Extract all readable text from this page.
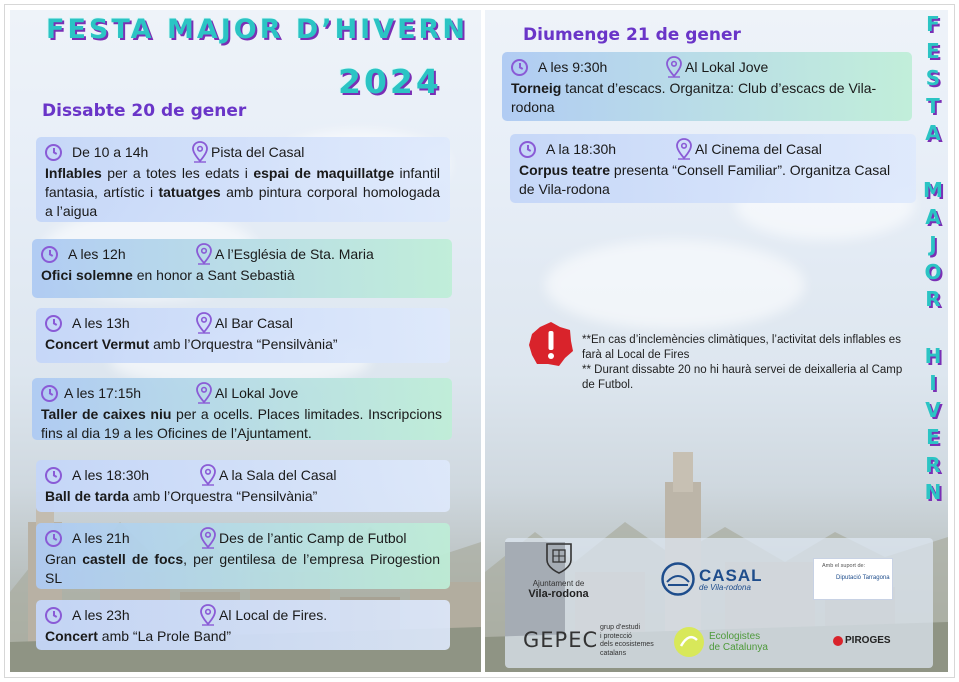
FESTA MAJOR D’HIVERN
2024
Dissabte 20 de gener
De 10 a 14h	Pista del Casal
Inflables per a totes les edats i espai de maquillatge infantil fantasia, artístic i tatuatges amb pintura corporal homologada a l’aigua
A les 12h	A l’Església de Sta. Maria
Ofici solemne en honor a Sant Sebastià
A les 13h	Al Bar Casal
Concert Vermut amb l’Orquestra “Pensilvània”
A les 17:15h	Al Lokal Jove
Taller de caixes niu per a ocells. Places limitades. Inscripcions fins al dia 19 a les Oficines de l’Ajuntament.
A les 18:30h	A la Sala del Casal
Ball de tarda amb l’Orquestra “Pensilvània”
A les 21h	Des de l’antic Camp de Futbol
Gran castell de focs, per gentilesa de l’empresa Pirogestion SL
A les 23h	Al Local de Fires.
Concert amb “La Prole Band”
Diumenge 21 de gener
A les 9:30h	Al Lokal Jove
Torneig tancat d’escacs. Organitza: Club d’escacs de Vila-rodona
A la 18:30h	Al Cinema del Casal
Corpus teatre presenta “Consell Familiar”. Organitza Casal de Vila-rodona
**En cas d’inclemències climàtiques, l’activitat dels inflables es farà al Local de Fires
** Durant dissabte 20 no hi haurà servei de deixalleria al Camp de Futbol.
Ajuntament de
Vila-rodona
CASAL
de Vila-rodona
Amb el suport de:
Diputació Tarragona
GEPEC
grup d’estudi
i protecció
dels ecosistemes
catalans
Ecologistes
de Catalunya
PIROGES
F
E
S
T
A
M
A
J
O
R
H
I
V
E
R
N
